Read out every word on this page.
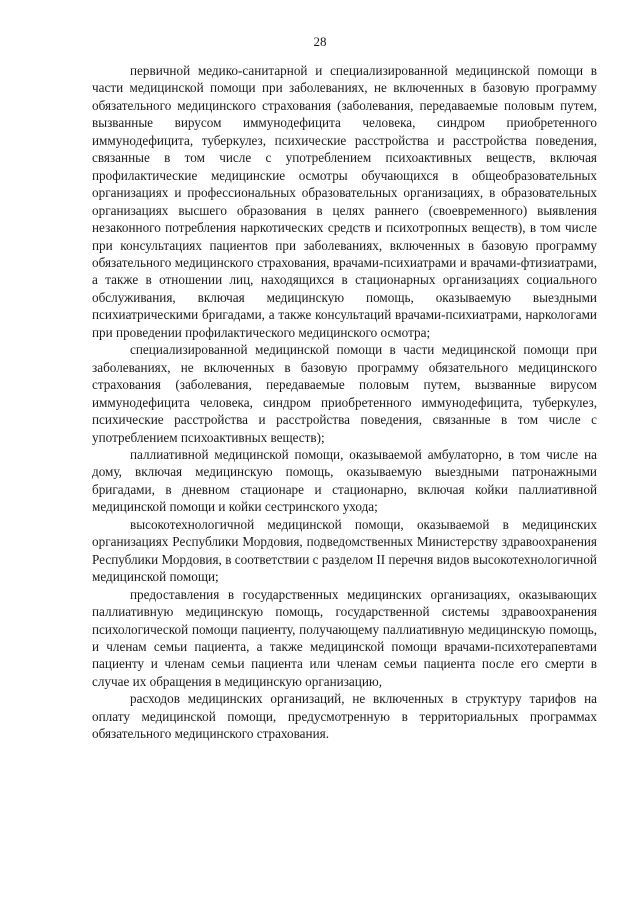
28

первичной медико-санитарной и специализированной медицинской помощи в части медицинской помощи при заболеваниях, не включенных в базовую программу обязательного медицинского страхования (заболевания, передаваемые половым путем, вызванные вирусом иммунодефицита человека, синдром приобретенного иммунодефицита, туберкулез, психические расстройства и расстройства поведения, связанные в том числе с употреблением психоактивных веществ, включая профилактические медицинские осмотры обучающихся в общеобразовательных организациях и профессиональных образовательных организациях, в образовательных организациях высшего образования в целях раннего (своевременного) выявления незаконного потребления наркотических средств и психотропных веществ), в том числе при консультациях пациентов при заболеваниях, включенных в базовую программу обязательного медицинского страхования, врачами-психиатрами и врачами-фтизиатрами, а также в отношении лиц, находящихся в стационарных организациях социального обслуживания, включая медицинскую помощь, оказываемую выездными психиатрическими бригадами, а также консультаций врачами-психиатрами, наркологами при проведении профилактического медицинского осмотра;

специализированной медицинской помощи в части медицинской помощи при заболеваниях, не включенных в базовую программу обязательного медицинского страхования (заболевания, передаваемые половым путем, вызванные вирусом иммунодефицита человека, синдром приобретенного иммунодефицита, туберкулез, психические расстройства и расстройства поведения, связанные в том числе с употреблением психоактивных веществ);

паллиативной медицинской помощи, оказываемой амбулаторно, в том числе на дому, включая медицинскую помощь, оказываемую выездными патронажными бригадами, в дневном стационаре и стационарно, включая койки паллиативной медицинской помощи и койки сестринского ухода;

высокотехнологичной медицинской помощи, оказываемой в медицинских организациях Республики Мордовия, подведомственных Министерству здравоохранения Республики Мордовия, в соответствии с разделом II перечня видов высокотехнологичной медицинской помощи;

предоставления в государственных медицинских организациях, оказывающих паллиативную медицинскую помощь, государственной системы здравоохранения психологической помощи пациенту, получающему паллиативную медицинскую помощь, и членам семьи пациента, а также медицинской помощи врачами-психотерапевтами пациенту и членам семьи пациента или членам семьи пациента после его смерти в случае их обращения в медицинскую организацию,

расходов медицинских организаций, не включенных в структуру тарифов на оплату медицинской помощи, предусмотренную в территориальных программах обязательного медицинского страхования.
